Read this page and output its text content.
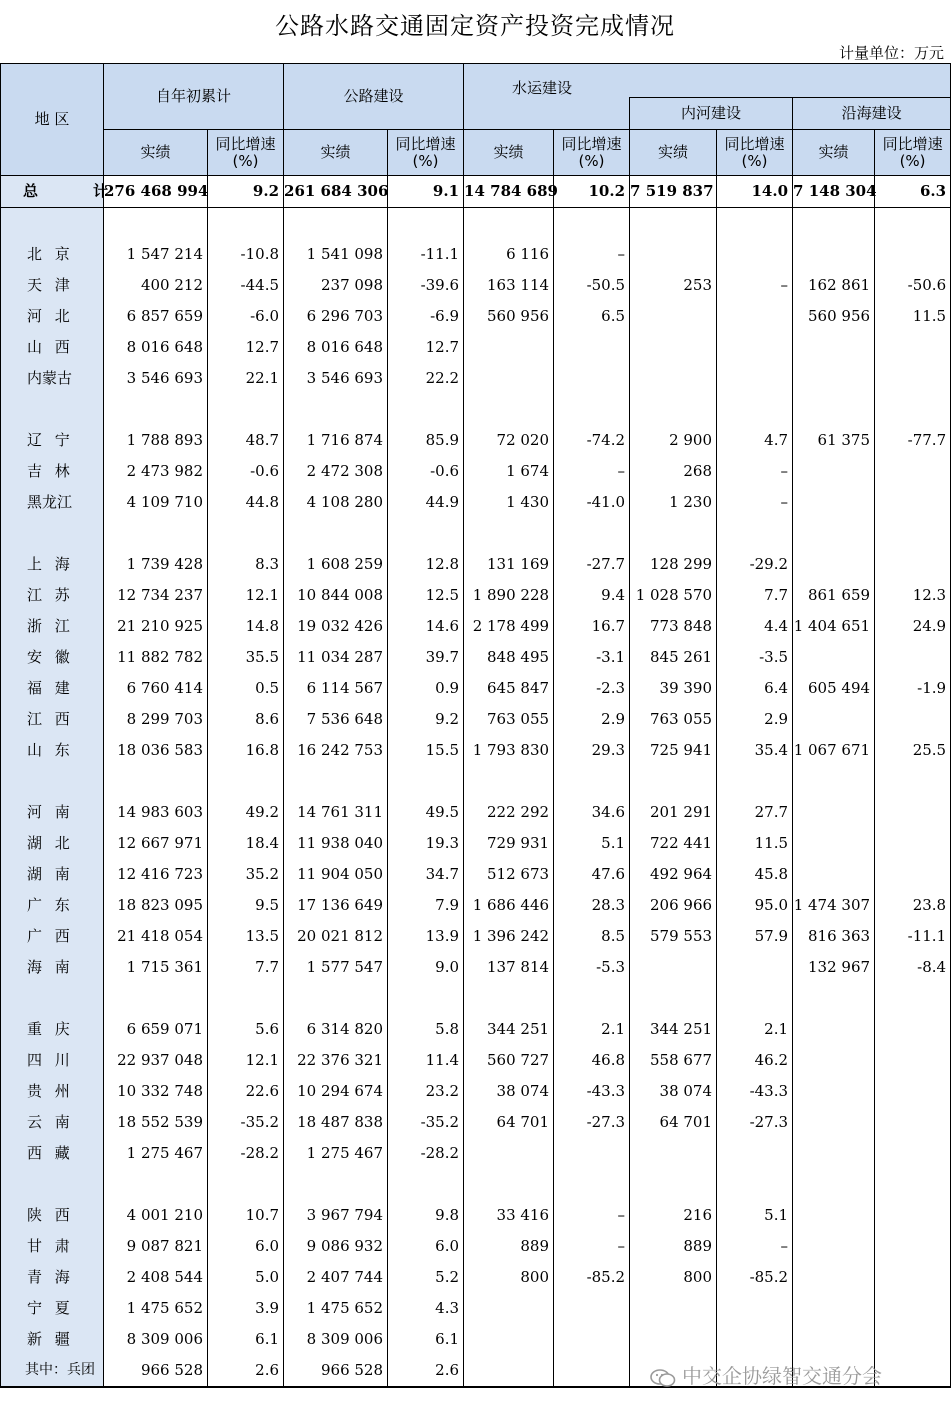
公路水路交通固定资产投资完成情况
计量单位：万元
地 区	自年初累计		公路建设		水运建设					
							内河建设		沿海建设	
	实绩	同比增速(%)	实绩	同比增速(%)	实绩	同比增速(%)	实绩	同比增速(%)	实绩	同比增速(%)
总　计	276 468 994	9.2	261 684 306	9.1	14 784 689	10.2	7 519 837	14.0	7 148 304	6.3

北 京	1 547 214	-10.8	1 541 098	-11.1	6 116	–				
天 津	400 212	-44.5	237 098	-39.6	163 114	-50.5	253	–	162 861	-50.6
河 北	6 857 659	-6.0	6 296 703	-6.9	560 956	6.5			560 956	11.5
山 西	8 016 648	12.7	8 016 648	12.7						
内蒙古	3 546 693	22.1	3 546 693	22.2						

辽 宁	1 788 893	48.7	1 716 874	85.9	72 020	-74.2	2 900	4.7	61 375	-77.7
吉 林	2 473 982	-0.6	2 472 308	-0.6	1 674	–	268	–		
黑龙江	4 109 710	44.8	4 108 280	44.9	1 430	-41.0	1 230	–		

上 海	1 739 428	8.3	1 608 259	12.8	131 169	-27.7	128 299	-29.2		
江 苏	12 734 237	12.1	10 844 008	12.5	1 890 228	9.4	1 028 570	7.7	861 659	12.3
浙 江	21 210 925	14.8	19 032 426	14.6	2 178 499	16.7	773 848	4.4	1 404 651	24.9
安 徽	11 882 782	35.5	11 034 287	39.7	848 495	-3.1	845 261	-3.5		
福 建	6 760 414	0.5	6 114 567	0.9	645 847	-2.3	39 390	6.4	605 494	-1.9
江 西	8 299 703	8.6	7 536 648	9.2	763 055	2.9	763 055	2.9		
山 东	18 036 583	16.8	16 242 753	15.5	1 793 830	29.3	725 941	35.4	1 067 671	25.5

河 南	14 983 603	49.2	14 761 311	49.5	222 292	34.6	201 291	27.7		
湖 北	12 667 971	18.4	11 938 040	19.3	729 931	5.1	722 441	11.5		
湖 南	12 416 723	35.2	11 904 050	34.7	512 673	47.6	492 964	45.8		
广 东	18 823 095	9.5	17 136 649	7.9	1 686 446	28.3	206 966	95.0	1 474 307	23.8
广 西	21 418 054	13.5	20 021 812	13.9	1 396 242	8.5	579 553	57.9	816 363	-11.1
海 南	1 715 361	7.7	1 577 547	9.0	137 814	-5.3			132 967	-8.4

重 庆	6 659 071	5.6	6 314 820	5.8	344 251	2.1	344 251	2.1		
四 川	22 937 048	12.1	22 376 321	11.4	560 727	46.8	558 677	46.2		
贵 州	10 332 748	22.6	10 294 674	23.2	38 074	-43.3	38 074	-43.3		
云 南	18 552 539	-35.2	18 487 838	-35.2	64 701	-27.3	64 701	-27.3		
西 藏	1 275 467	-28.2	1 275 467	-28.2						

陕 西	4 001 210	10.7	3 967 794	9.8	33 416	–	216	5.1		
甘 肃	9 087 821	6.0	9 086 932	6.0	889	–	889	–		
青 海	2 408 544	5.0	2 407 744	5.2	800	-85.2	800	-85.2		
宁 夏	1 475 652	3.9	1 475 652	4.3						
新 疆	8 309 006	6.1	8 309 006	6.1						
其中：兵团	966 528	2.6	966 528	2.6							中交企协绿智交通分会
